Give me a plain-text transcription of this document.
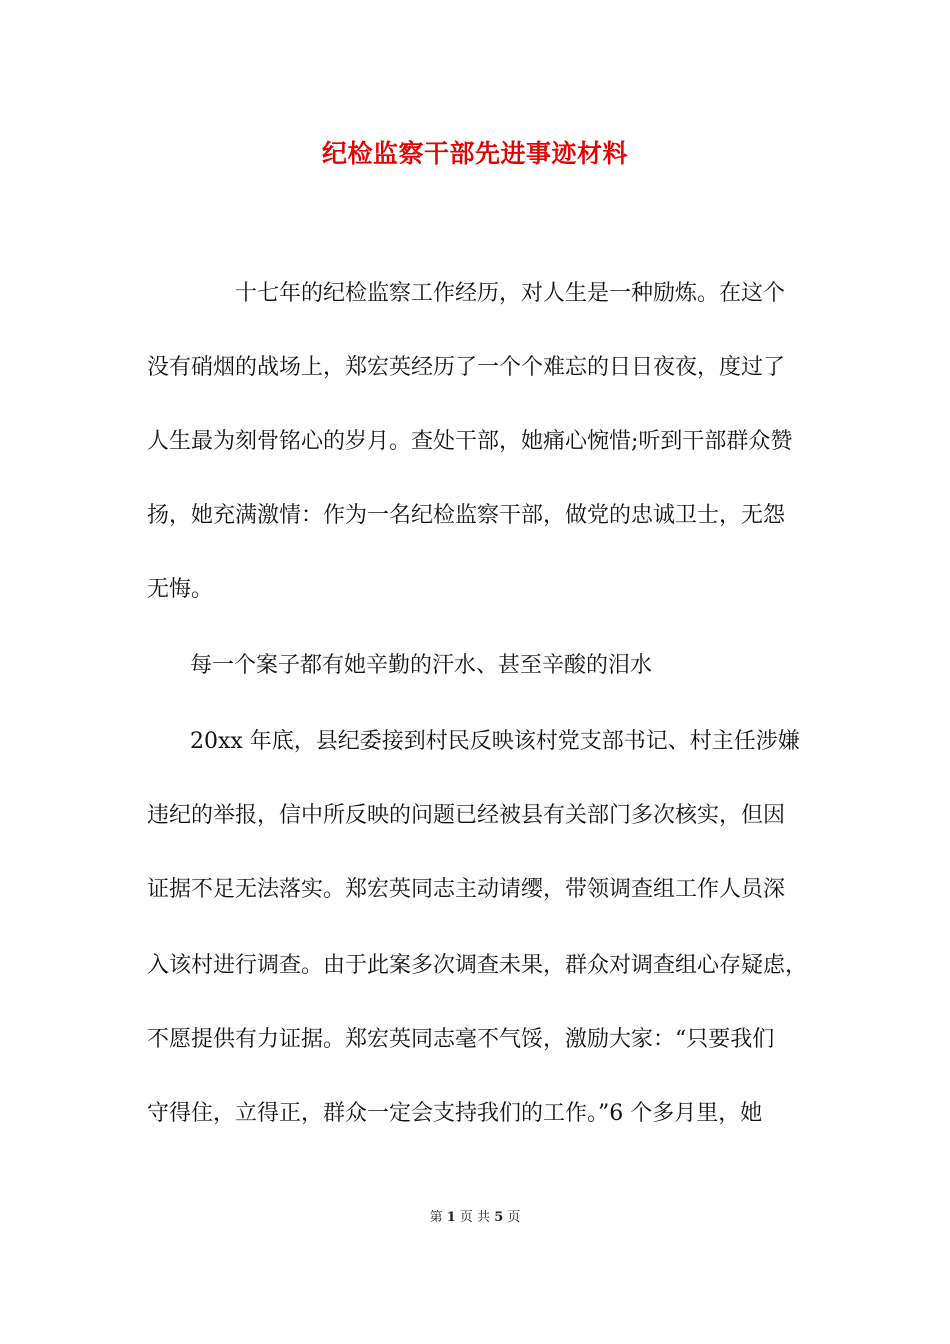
纪检监察干部先进事迹材料

十七年的纪检监察工作经历，对人生是一种励炼。在这个

没有硝烟的战场上，郑宏英经历了一个个难忘的日日夜夜，度过了

人生最为刻骨铭心的岁月。查处干部，她痛心惋惜;听到干部群众赞

扬，她充满激情：作为一名纪检监察干部，做党的忠诚卫士，无怨

无悔。

每一个案子都有她辛勤的汗水、甚至辛酸的泪水

20xx 年底，县纪委接到村民反映该村党支部书记、村主任涉嫌

违纪的举报，信中所反映的问题已经被县有关部门多次核实，但因

证据不足无法落实。郑宏英同志主动请缨，带领调查组工作人员深

入该村进行调查。由于此案多次调查未果，群众对调查组心存疑虑，

不愿提供有力证据。郑宏英同志毫不气馁，激励大家：“只要我们

守得住，立得正，群众一定会支持我们的工作。”6 个多月里，她

第 1 页 共 5 页
